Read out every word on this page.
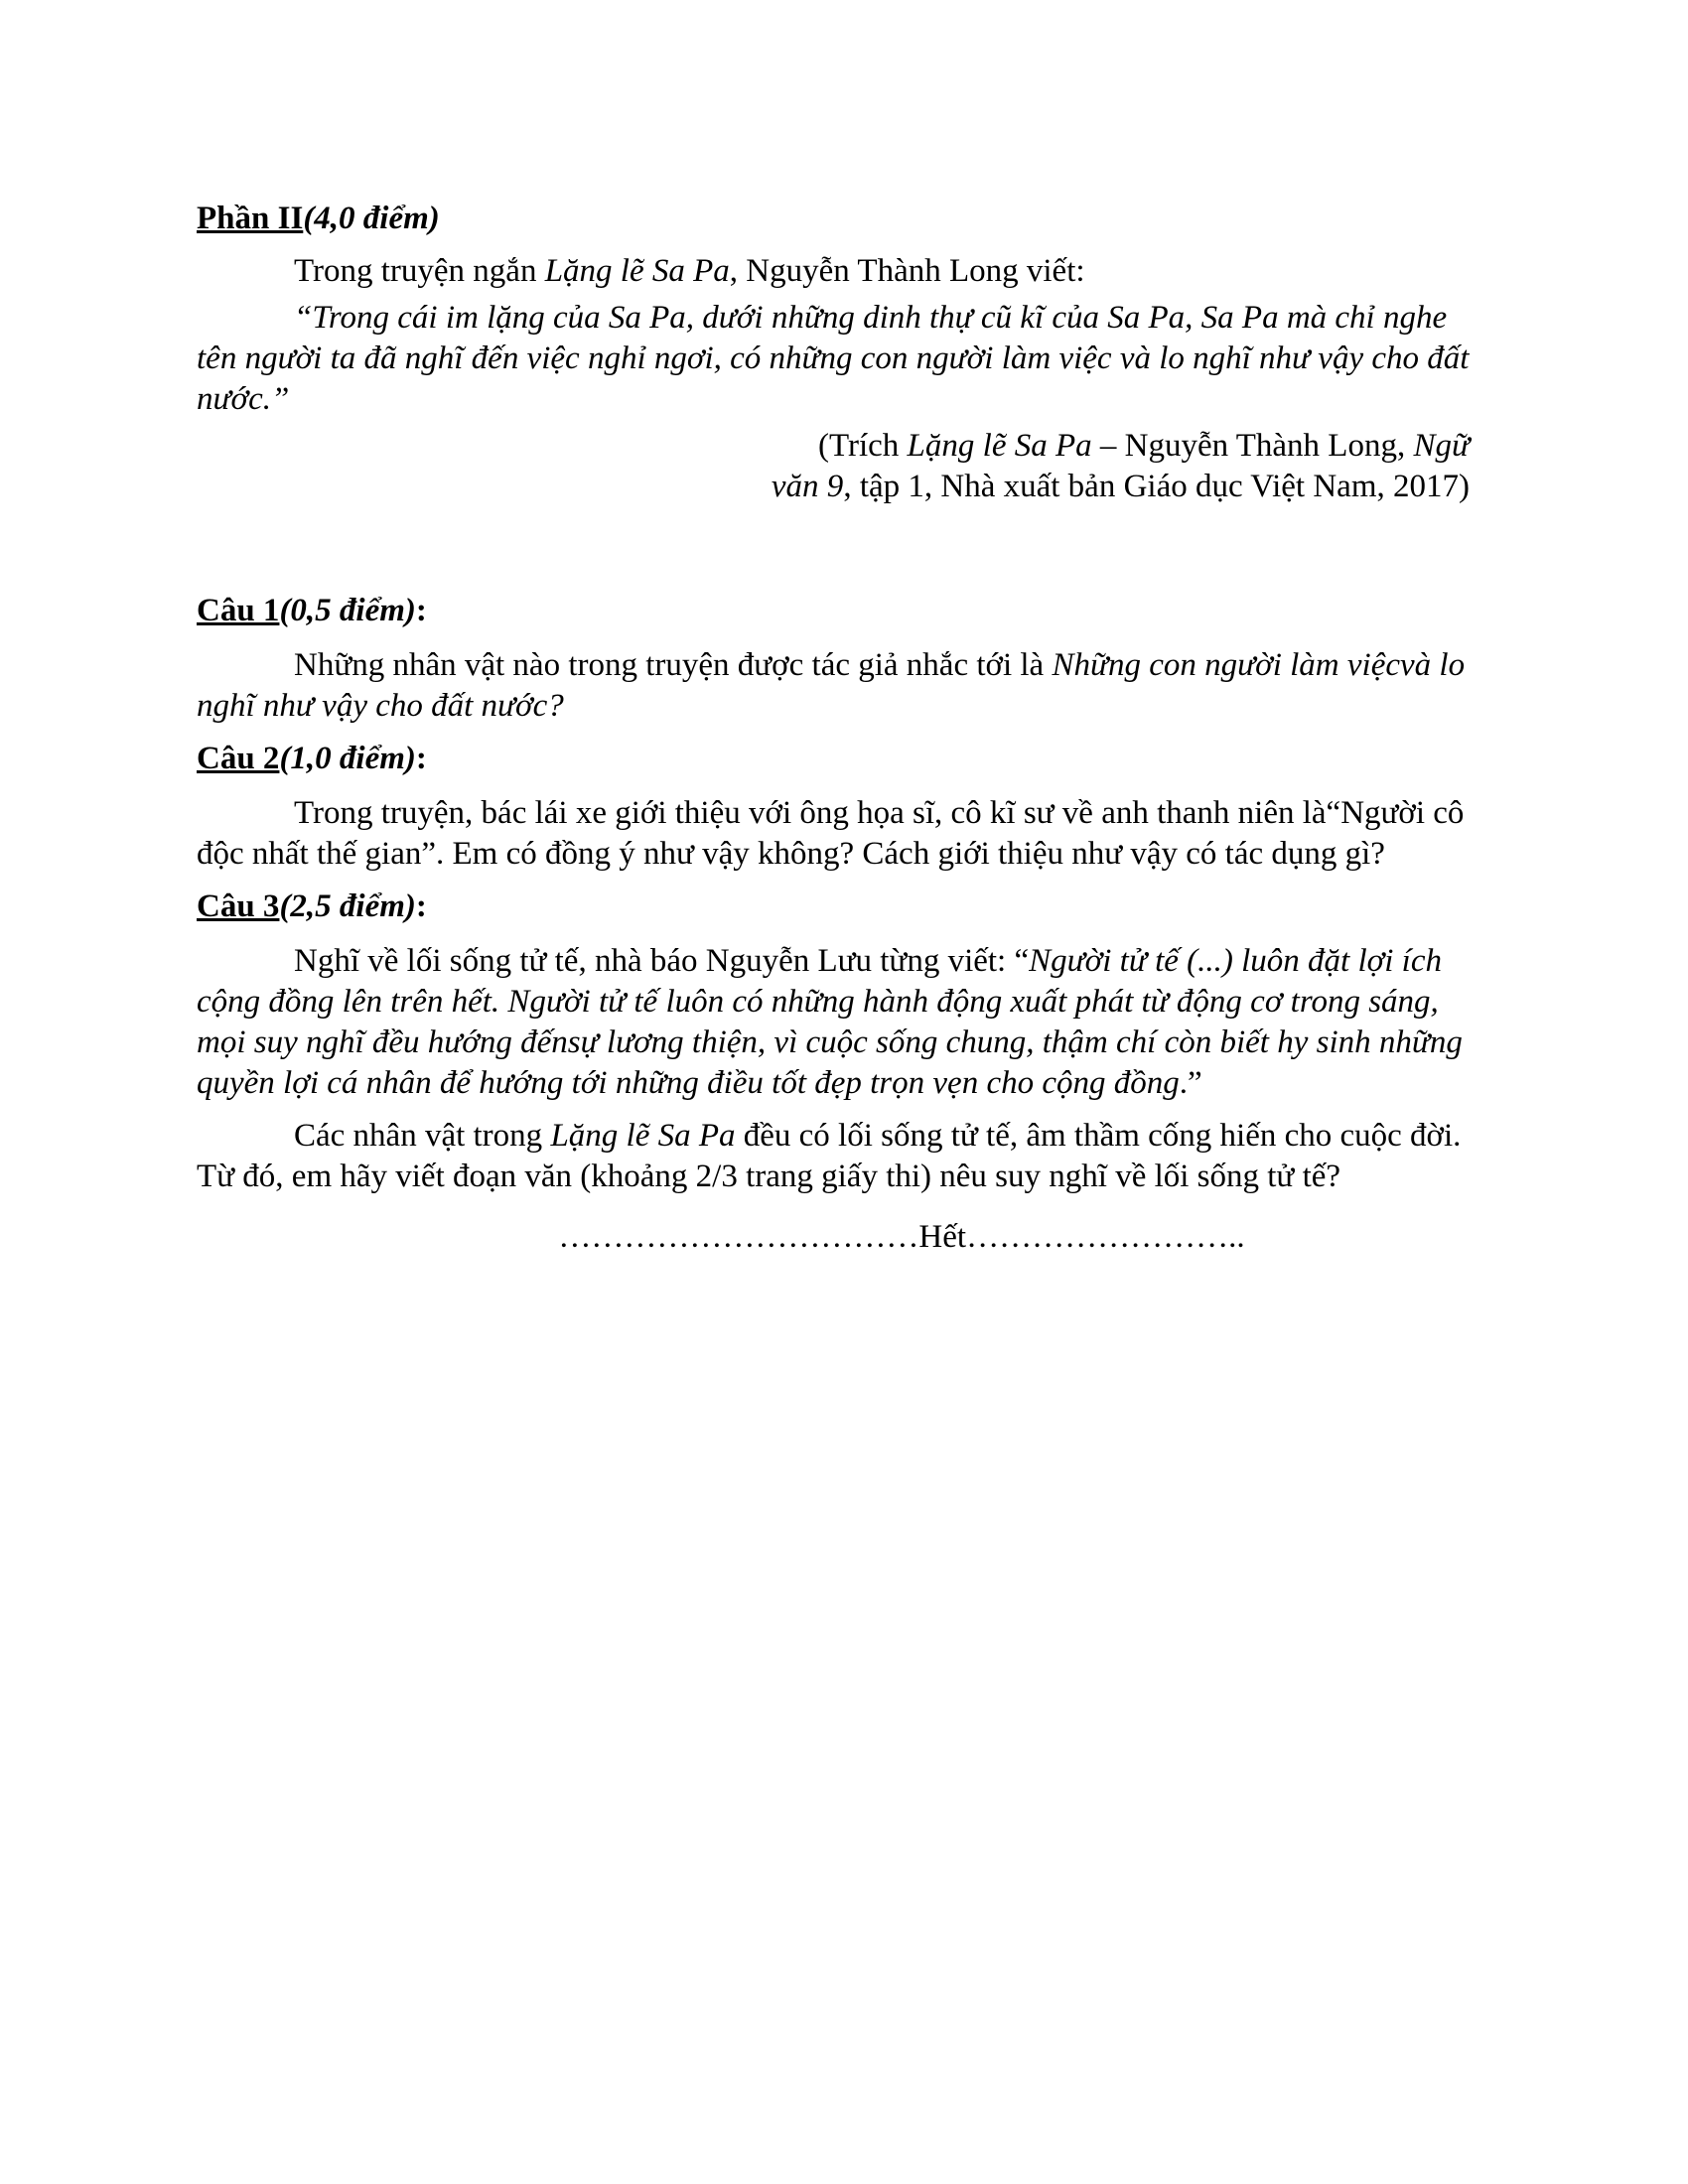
Phần II(4,0 điểm)

Trong truyện ngắn Lặng lẽ Sa Pa, Nguyễn Thành Long viết:

“Trong cái im lặng của Sa Pa, dưới những dinh thự cũ kĩ của Sa Pa, Sa Pa mà chỉ nghe tên người ta đã nghĩ đến việc nghỉ ngơi, có những con người làm việc và lo nghĩ như vậy cho đất nước.”

(Trích Lặng lẽ Sa Pa – Nguyễn Thành Long, Ngữ
văn 9, tập 1, Nhà xuất bản Giáo dục Việt Nam, 2017)

Câu 1(0,5 điểm):

Những nhân vật nào trong truyện được tác giả nhắc tới là Những con người làm việcvà lo nghĩ như vậy cho đất nước?

Câu 2(1,0 điểm):

Trong truyện, bác lái xe giới thiệu với ông họa sĩ, cô kĩ sư về anh thanh niên là“Người cô độc nhất thế gian”. Em có đồng ý như vậy không? Cách giới thiệu như vậy có tác dụng gì?

Câu 3(2,5 điểm):

Nghĩ về lối sống tử tế, nhà báo Nguyễn Lưu từng viết: “Người tử tế (...) luôn đặt lợi ích cộng đồng lên trên hết. Người tử tế luôn có những hành động xuất phát từ động cơ trong sáng, mọi suy nghĩ đều hướng đếnsự lương thiện, vì cuộc sống chung, thậm chí còn biết hy sinh những quyền lợi cá nhân để hướng tới những điều tốt đẹp trọn vẹn cho cộng đồng.”

Các nhân vật trong Lặng lẽ Sa Pa đều có lối sống tử tế, âm thầm cống hiến cho cuộc đời. Từ đó, em hãy viết đoạn văn (khoảng 2/3 trang giấy thi) nêu suy nghĩ về lối sống tử tế?

……………………………Hết……………………..
